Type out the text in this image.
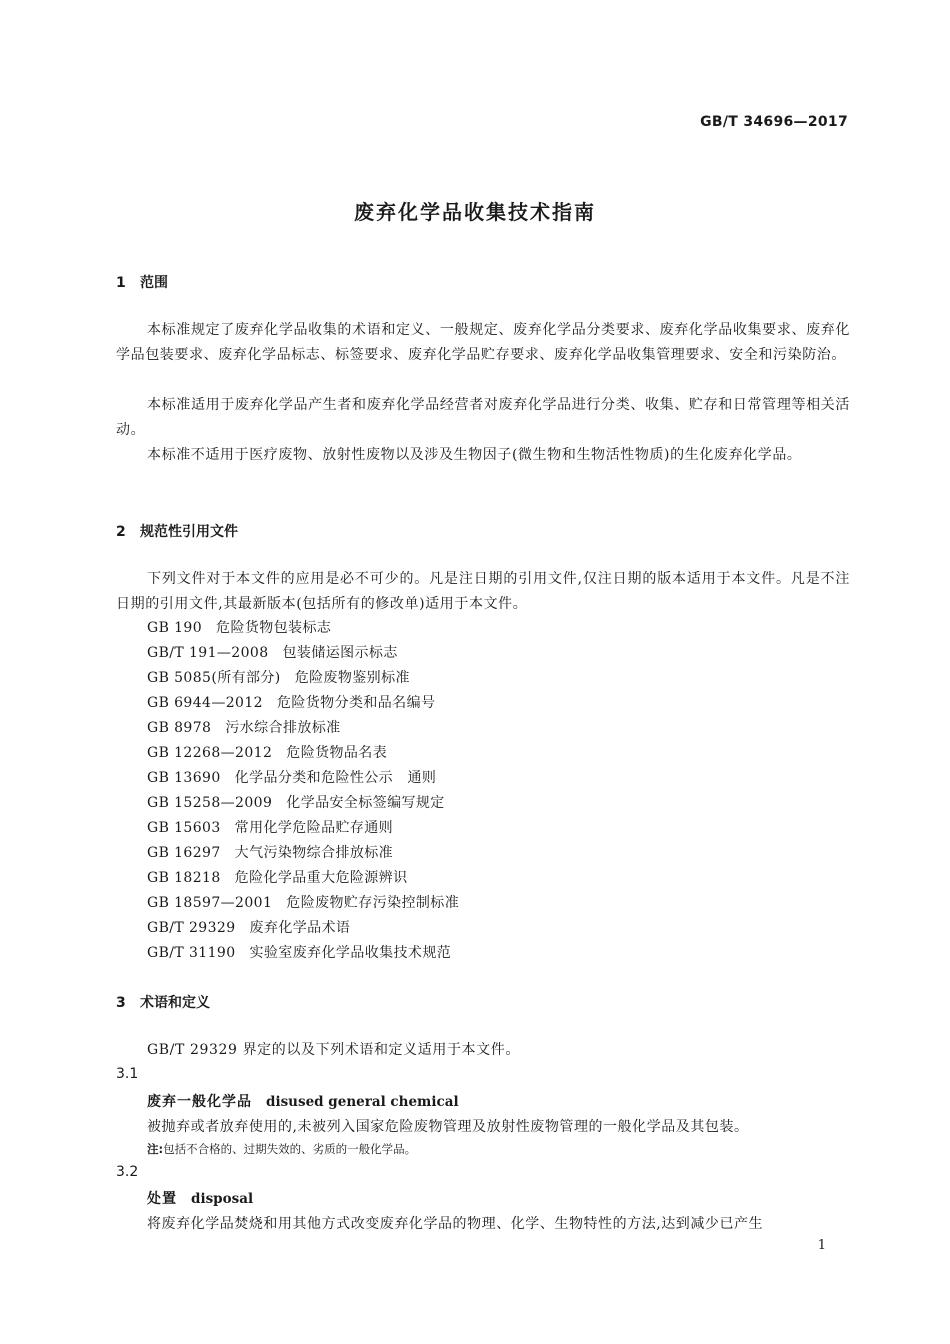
GB/T 34696—2017
废弃化学品收集技术指南
1 范围
本标准规定了废弃化学品收集的术语和定义、一般规定、废弃化学品分类要求、废弃化学品收集要求、废弃化学品包装要求、废弃化学品标志、标签要求、废弃化学品贮存要求、废弃化学品收集管理要求、安全和污染防治。
本标准适用于废弃化学品产生者和废弃化学品经营者对废弃化学品进行分类、收集、贮存和日常管理等相关活动。
本标准不适用于医疗废物、放射性废物以及涉及生物因子(微生物和生物活性物质)的生化废弃化学品。
2 规范性引用文件
下列文件对于本文件的应用是必不可少的。凡是注日期的引用文件,仅注日期的版本适用于本文件。凡是不注日期的引用文件,其最新版本(包括所有的修改单)适用于本文件。
GB 190 危险货物包装标志
GB/T 191—2008 包装储运图示标志
GB 5085(所有部分) 危险废物鉴别标准
GB 6944—2012 危险货物分类和品名编号
GB 8978 污水综合排放标准
GB 12268—2012 危险货物品名表
GB 13690 化学品分类和危险性公示　通则
GB 15258—2009 化学品安全标签编写规定
GB 15603 常用化学危险品贮存通则
GB 16297 大气污染物综合排放标准
GB 18218 危险化学品重大危险源辨识
GB 18597—2001 危险废物贮存污染控制标准
GB/T 29329 废弃化学品术语
GB/T 31190 实验室废弃化学品收集技术规范
3 术语和定义
GB/T 29329 界定的以及下列术语和定义适用于本文件。
3.1
废弃一般化学品 disused general chemical
被抛弃或者放弃使用的,未被列入国家危险废物管理及放射性废物管理的一般化学品及其包装。
注:包括不合格的、过期失效的、劣质的一般化学品。
3.2
处置 disposal
将废弃化学品焚烧和用其他方式改变废弃化学品的物理、化学、生物特性的方法,达到减少已产生
1
